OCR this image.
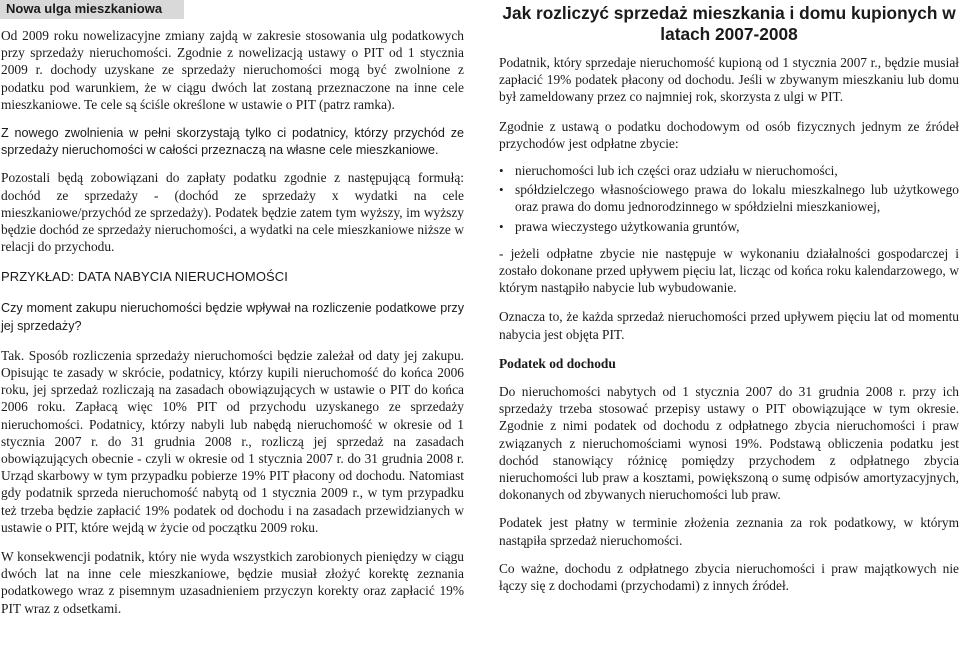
Nowa ulga mieszkaniowa

Od 2009 roku nowelizacyjne zmiany zajdą w zakresie stosowania ulg podatkowych przy sprzedaży nieruchomości. Zgodnie z nowelizacją ustawy o PIT od 1 stycznia 2009 r. dochody uzyskane ze sprzedaży nieruchomości mogą być zwolnione z podatku pod warunkiem, że w ciągu dwóch lat zostaną przeznaczone na inne cele mieszkaniowe. Te cele są ściśle określone w ustawie o PIT (patrz ramka).

Z nowego zwolnienia w pełni skorzystają tylko ci podatnicy, którzy przychód ze sprzedaży nieruchomości w całości przeznaczą na własne cele mieszkaniowe.

Pozostali będą zobowiązani do zapłaty podatku zgodnie z następującą formułą: dochód ze sprzedaży - (dochód ze sprzedaży x wydatki na cele mieszkaniowe/przychód ze sprzedaży). Podatek będzie zatem tym wyższy, im wyższy będzie dochód ze sprzedaży nieruchomości, a wydatki na cele mieszkaniowe niższe w relacji do przychodu.

PRZYKŁAD: DATA NABYCIA NIERUCHOMOŚCI

Czy moment zakupu nieruchomości będzie wpływał na rozliczenie podatkowe przy jej sprzedaży?

Tak. Sposób rozliczenia sprzedaży nieruchomości będzie zależał od daty jej zakupu. Opisując te zasady w skrócie, podatnicy, którzy kupili nieruchomość do końca 2006 roku, jej sprzedaż rozliczają na zasadach obowiązujących w ustawie o PIT do końca 2006 roku. Zapłacą więc 10% PIT od przychodu uzyskanego ze sprzedaży nieruchomości. Podatnicy, którzy nabyli lub nabędą nieruchomość w okresie od 1 stycznia 2007 r. do 31 grudnia 2008 r., rozliczą jej sprzedaż na zasadach obowiązujących obecnie - czyli w okresie od 1 stycznia 2007 r. do 31 grudnia 2008 r. Urząd skarbowy w tym przypadku pobierze 19% PIT płacony od dochodu. Natomiast gdy podatnik sprzeda nieruchomość nabytą od 1 stycznia 2009 r., w tym przypadku też trzeba będzie zapłacić 19% podatek od dochodu i na zasadach przewidzianych w ustawie o PIT, które wejdą w życie od początku 2009 roku.

W konsekwencji podatnik, który nie wyda wszystkich zarobionych pieniędzy w ciągu dwóch lat na inne cele mieszkaniowe, będzie musiał złożyć korektę zeznania podatkowego wraz z pisemnym uzasadnieniem przyczyn korekty oraz zapłacić 19% PIT wraz z odsetkami.

Jak rozliczyć sprzedaż mieszkania i domu kupionych w latach 2007-2008

Podatnik, który sprzedaje nieruchomość kupioną od 1 stycznia 2007 r., będzie musiał zapłacić 19% podatek płacony od dochodu. Jeśli w zbywanym mieszkaniu lub domu był zameldowany przez co najmniej rok, skorzysta z ulgi w PIT.

Zgodnie z ustawą o podatku dochodowym od osób fizycznych jednym ze źródeł przychodów jest odpłatne zbycie:

• nieruchomości lub ich części oraz udziału w nieruchomości,
• spółdzielczego własnościowego prawa do lokalu mieszkalnego lub użytkowego oraz prawa do domu jednorodzinnego w spółdzielni mieszkaniowej,
• prawa wieczystego użytkowania gruntów,

- jeżeli odpłatne zbycie nie następuje w wykonaniu działalności gospodarczej i zostało dokonane przed upływem pięciu lat, licząc od końca roku kalendarzowego, w którym nastąpiło nabycie lub wybudowanie.

Oznacza to, że każda sprzedaż nieruchomości przed upływem pięciu lat od momentu nabycia jest objęta PIT.

Podatek od dochodu

Do nieruchomości nabytych od 1 stycznia 2007 do 31 grudnia 2008 r. przy ich sprzedaży trzeba stosować przepisy ustawy o PIT obowiązujące w tym okresie. Zgodnie z nimi podatek od dochodu z odpłatnego zbycia nieruchomości i praw związanych z nieruchomościami wynosi 19%. Podstawą obliczenia podatku jest dochód stanowiący różnicę pomiędzy przychodem z odpłatnego zbycia nieruchomości lub praw a kosztami, powiększoną o sumę odpisów amortyzacyjnych, dokonanych od zbywanych nieruchomości lub praw.

Podatek jest płatny w terminie złożenia zeznania za rok podatkowy, w którym nastąpiła sprzedaż nieruchomości.

Co ważne, dochodu z odpłatnego zbycia nieruchomości i praw majątkowych nie łączy się z dochodami (przychodami) z innych źródeł.
